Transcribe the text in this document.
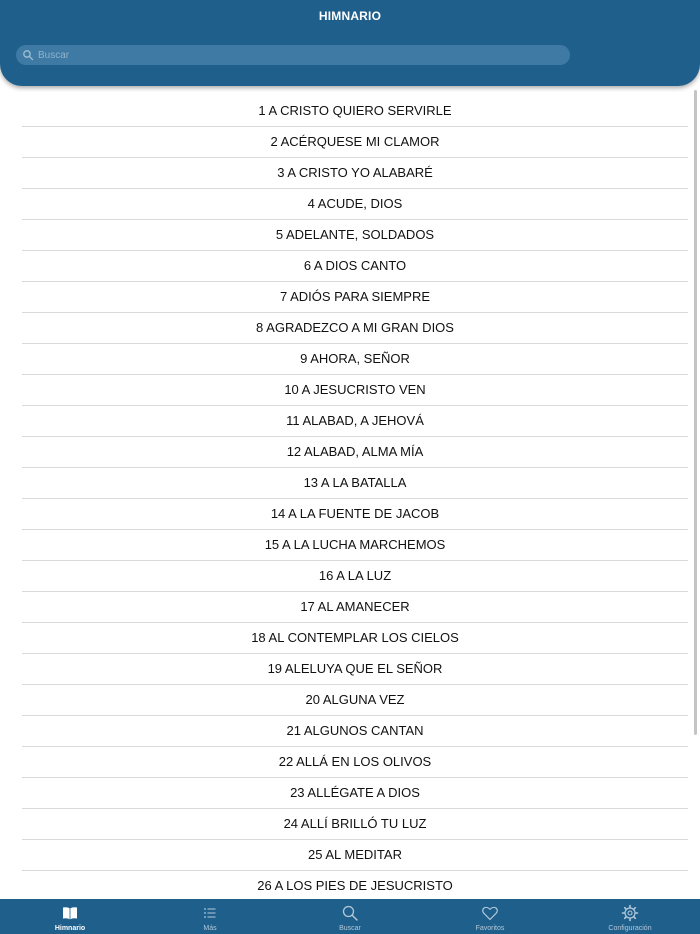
HIMNARIO
Buscar
1 A CRISTO QUIERO SERVIRLE
2 ACÉRQUESE MI CLAMOR
3 A CRISTO YO ALABARÉ
4 ACUDE, DIOS
5 ADELANTE, SOLDADOS
6 A DIOS CANTO
7 ADIÓS PARA SIEMPRE
8 AGRADEZCO A MI GRAN DIOS
9 AHORA, SEÑOR
10 A JESUCRISTO VEN
11 ALABAD, A JEHOVÁ
12 ALABAD, ALMA MÍA
13 A LA BATALLA
14 A LA FUENTE DE JACOB
15 A LA LUCHA MARCHEMOS
16 A LA LUZ
17 AL AMANECER
18 AL CONTEMPLAR LOS CIELOS
19 ALELUYA QUE EL SEÑOR
20 ALGUNA VEZ
21 ALGUNOS CANTAN
22 ALLÁ EN LOS OLIVOS
23 ALLÉGATE A DIOS
24 ALLÍ BRILLÓ TU LUZ
25 AL MEDITAR
26 A LOS PIES DE JESUCRISTO
Himnario	Más	Buscar	Favoritos	Configuración
